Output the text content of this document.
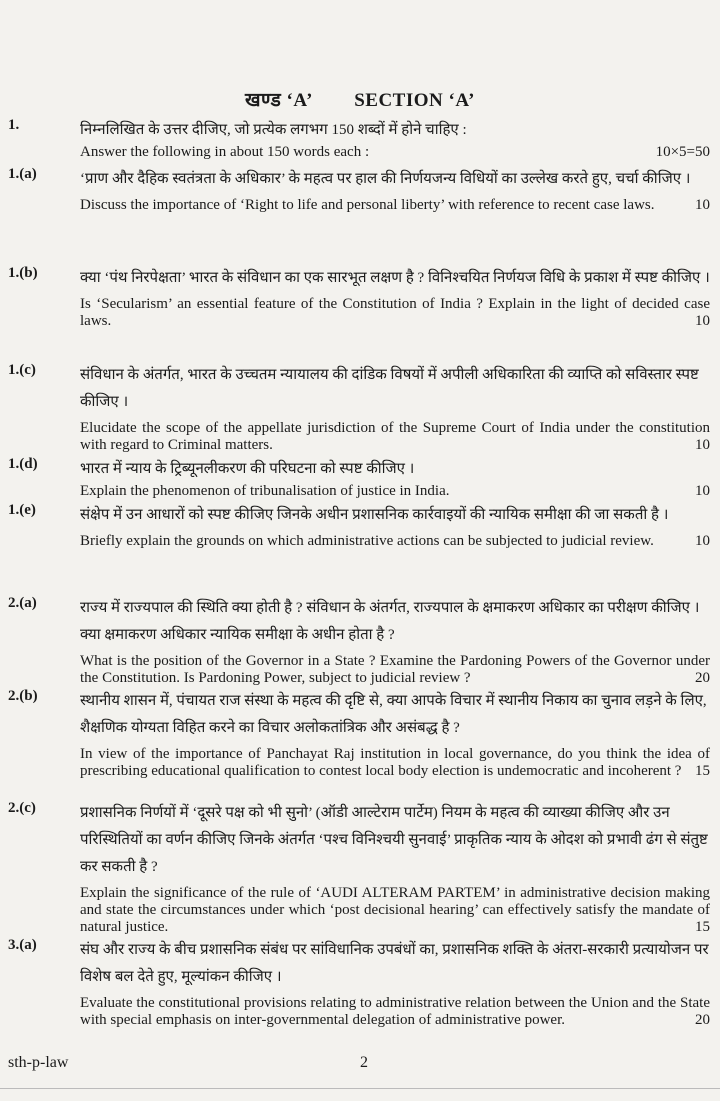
खण्ड ‘A’ SECTION ‘A’
1.	निम्नलिखित के उत्तर दीजिए, जो प्रत्येक लगभग 150 शब्दों में होने चाहिए :
Answer the following in about 150 words each :	10×5=50
1.(a)	‘प्राण और दैहिक स्वतंत्रता के अधिकार’ के महत्व पर हाल की निर्णयजन्य विधियों का उल्लेख करते हुए, चर्चा कीजिए ।
Discuss the importance of ‘Right to life and personal liberty’ with reference to recent case laws.	10
1.(b)	क्या ‘पंथ निरपेक्षता’ भारत के संविधान का एक सारभूत लक्षण है ? विनिश्चयित निर्णयज विधि के प्रकाश में स्पष्ट कीजिए ।
Is ‘Secularism’ an essential feature of the Constitution of India ? Explain in the light of decided case laws.	10
1.(c)	संविधान के अंतर्गत, भारत के उच्चतम न्यायालय की दांडिक विषयों में अपीली अधिकारिता की व्याप्ति को सविस्तार स्पष्ट कीजिए ।
Elucidate the scope of the appellate jurisdiction of the Supreme Court of India under the constitution with regard to Criminal matters.	10
1.(d)	भारत में न्याय के ट्रिब्यूनलीकरण की परिघटना को स्पष्ट कीजिए ।
Explain the phenomenon of tribunalisation of justice in India.	10
1.(e)	संक्षेप में उन आधारों को स्पष्ट कीजिए जिनके अधीन प्रशासनिक कार्रवाइयों की न्यायिक समीक्षा की जा सकती है ।
Briefly explain the grounds on which administrative actions can be subjected to judicial review.	10
2.(a)	राज्य में राज्यपाल की स्थिति क्या होती है ? संविधान के अंतर्गत, राज्यपाल के क्षमाकरण अधिकार का परीक्षण कीजिए । क्या क्षमाकरण अधिकार न्यायिक समीक्षा के अधीन होता है ?
What is the position of the Governor in a State ? Examine the Pardoning Powers of the Governor under the Constitution. Is Pardoning Power, subject to judicial review ?	20
2.(b)	स्थानीय शासन में, पंचायत राज संस्था के महत्व की दृष्टि से, क्या आपके विचार में स्थानीय निकाय का चुनाव लड़ने के लिए, शैक्षणिक योग्यता विहित करने का विचार अलोकतांत्रिक और असंबद्ध है ?
In view of the importance of Panchayat Raj institution in local governance, do you think the idea of prescribing educational qualification to contest local body election is undemocratic and incoherent ? 15
2.(c)	प्रशासनिक निर्णयों में ‘दूसरे पक्ष को भी सुनो’ (ऑडी आल्टेराम पार्टेम) नियम के महत्व की व्याख्या कीजिए और उन परिस्थितियों का वर्णन कीजिए जिनके अंतर्गत ‘पश्च विनिश्चयी सुनवाई’ प्राकृतिक न्याय के ओदश को प्रभावी ढंग से संतुष्ट कर सकती है ?
Explain the significance of the rule of ‘AUDI ALTERAM PARTEM’ in administrative decision making and state the circumstances under which ‘post decisional hearing’ can effectively satisfy the mandate of natural justice.	15
3.(a)	संघ और राज्य के बीच प्रशासनिक संबंध पर सांविधानिक उपबंधों का, प्रशासनिक शक्ति के अंतरा-सरकारी प्रत्यायोजन पर विशेष बल देते हुए, मूल्यांकन कीजिए ।
Evaluate the constitutional provisions relating to administrative relation between the Union and the State with special emphasis on inter-governmental delegation of administrative power.	20
sth-p-law	2
